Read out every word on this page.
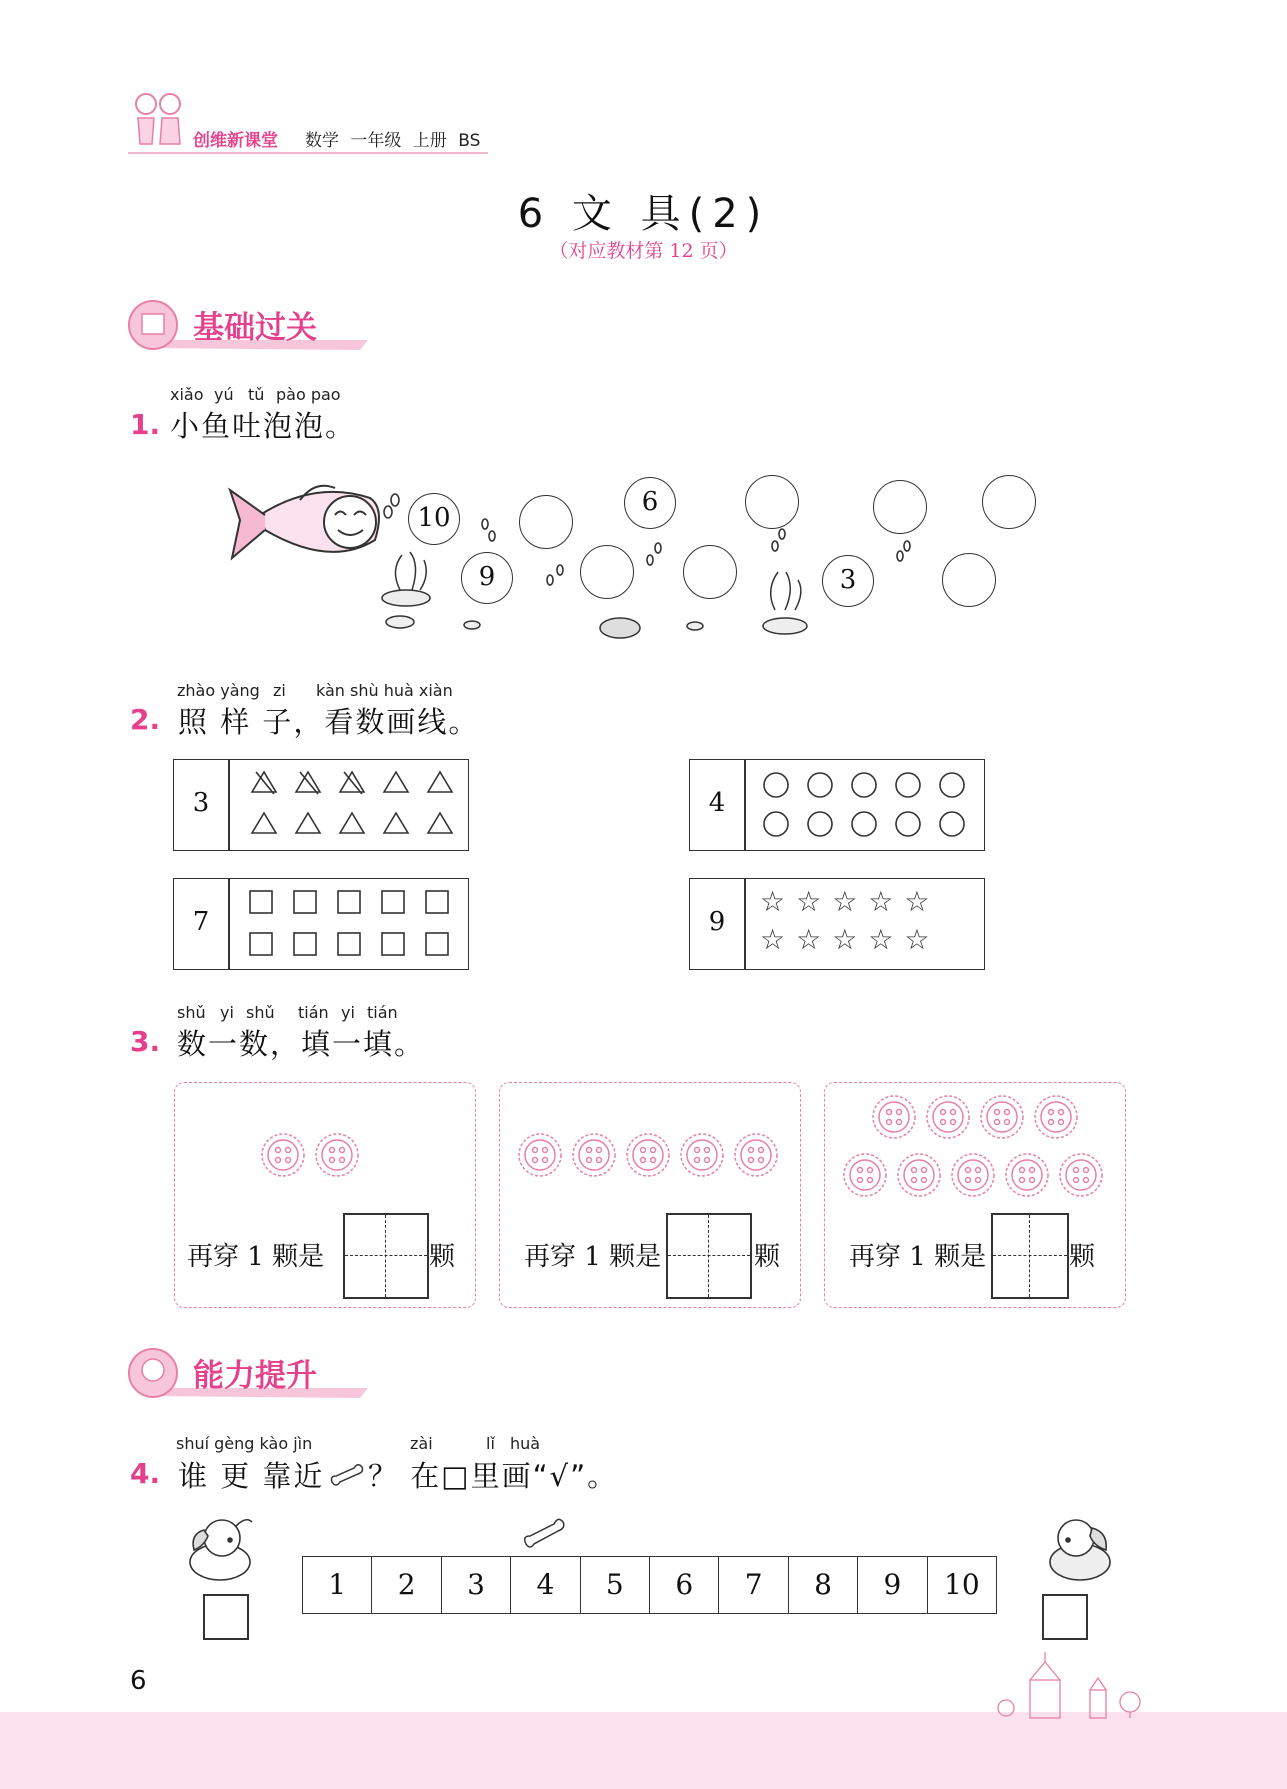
创维新课堂 数学 一年级 上册 BS
6 文 具(2)
（对应教材第 12 页）
基础过关
xiǎo yú tǔ pào pao
1. 小鱼吐泡泡。
10
6
9	3
zhào yàng zi kàn shù huà xiàn
2. 照 样 子，看数画线。
3	4
7	9
☆☆☆☆☆
☆☆☆☆☆
shǔ yi shǔ tián yi tián
3. 数一数，填一填。
再穿 1 颗是	颗	再穿 1 颗是	颗	再穿 1 颗是	颗
能力提升
shuí gèng kào jìn	zài	lǐ huà
4. 谁 更 靠近 ？ 在□里画“√”。
1	2	3	4	5	6	7	8	9	10
6
